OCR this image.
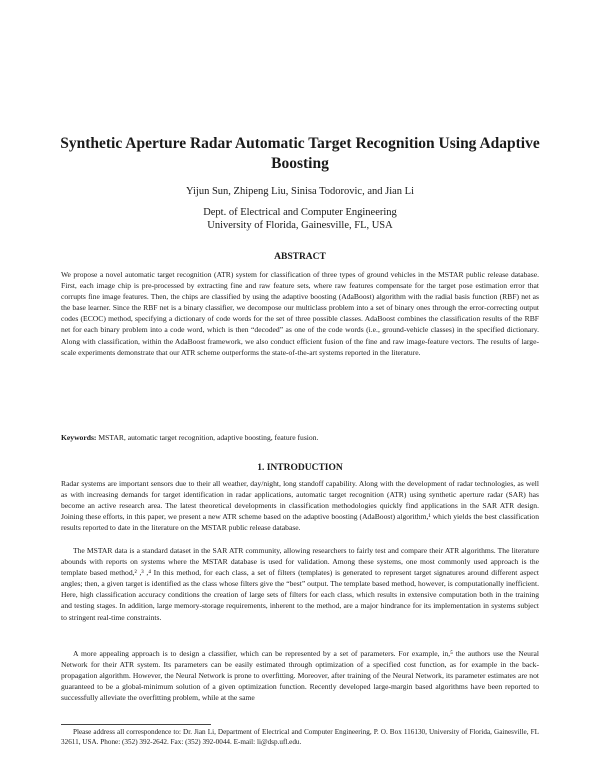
Synthetic Aperture Radar Automatic Target Recognition Using Adaptive Boosting
Yijun Sun, Zhipeng Liu, Sinisa Todorovic, and Jian Li
Dept. of Electrical and Computer Engineering
University of Florida, Gainesville, FL, USA
ABSTRACT
We propose a novel automatic target recognition (ATR) system for classification of three types of ground vehicles in the MSTAR public release database. First, each image chip is pre-processed by extracting fine and raw feature sets, where raw features compensate for the target pose estimation error that corrupts fine image features. Then, the chips are classified by using the adaptive boosting (AdaBoost) algorithm with the radial basis function (RBF) net as the base learner. Since the RBF net is a binary classifier, we decompose our multiclass problem into a set of binary ones through the error-correcting output codes (ECOC) method, specifying a dictionary of code words for the set of three possible classes. AdaBoost combines the classification results of the RBF net for each binary problem into a code word, which is then “decoded” as one of the code words (i.e., ground-vehicle classes) in the specified dictionary. Along with classification, within the AdaBoost framework, we also conduct efficient fusion of the fine and raw image-feature vectors. The results of large-scale experiments demonstrate that our ATR scheme outperforms the state-of-the-art systems reported in the literature.
Keywords: MSTAR, automatic target recognition, adaptive boosting, feature fusion.
1. INTRODUCTION
Radar systems are important sensors due to their all weather, day/night, long standoff capability. Along with the development of radar technologies, as well as with increasing demands for target identification in radar applications, automatic target recognition (ATR) using synthetic aperture radar (SAR) has become an active research area. The latest theoretical developments in classification methodologies quickly find applications in the SAR ATR design. Joining these efforts, in this paper, we present a new ATR scheme based on the adaptive boosting (AdaBoost) algorithm,¹ which yields the best classification results reported to date in the literature on the MSTAR public release database.
The MSTAR data is a standard dataset in the SAR ATR community, allowing researchers to fairly test and compare their ATR algorithms. The literature abounds with reports on systems where the MSTAR database is used for validation. Among these systems, one most commonly used approach is the template based method,² ,³ ,⁴ In this method, for each class, a set of filters (templates) is generated to represent target signatures around different aspect angles; then, a given target is identified as the class whose filters give the “best” output. The template based method, however, is computationally inefficient. Here, high classification accuracy conditions the creation of large sets of filters for each class, which results in extensive computation both in the training and testing stages. In addition, large memory-storage requirements, inherent to the method, are a major hindrance for its implementation in systems subject to stringent real-time constraints.
A more appealing approach is to design a classifier, which can be represented by a set of parameters. For example, in,⁵ the authors use the Neural Network for their ATR system. Its parameters can be easily estimated through optimization of a specified cost function, as for example in the back-propagation algorithm. However, the Neural Network is prone to overfitting. Moreover, after training of the Neural Network, its parameter estimates are not guaranteed to be a global-minimum solution of a given optimization function. Recently developed large-margin based algorithms have been reported to successfully alleviate the overfitting problem, while at the same
Please address all correspondence to: Dr. Jian Li, Department of Electrical and Computer Engineering, P. O. Box 116130, University of Florida, Gainesville, FL 32611, USA. Phone: (352) 392-2642. Fax: (352) 392-0044. E-mail: li@dsp.ufl.edu.
